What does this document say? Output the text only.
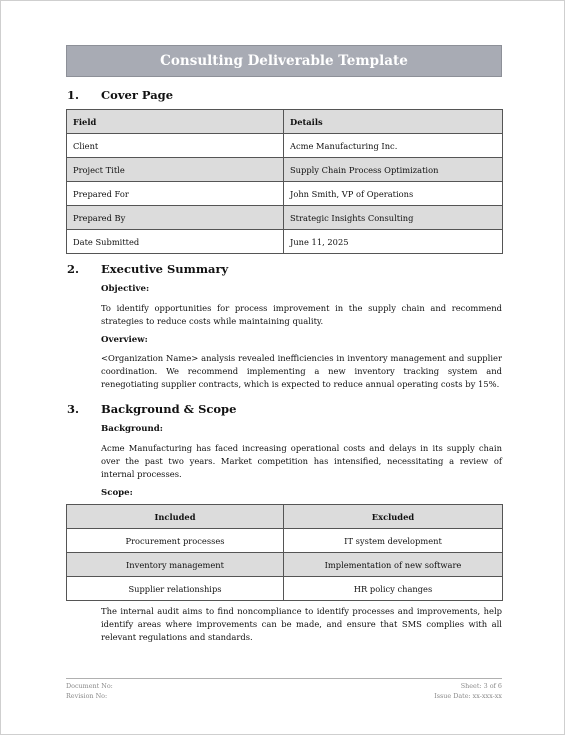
Consulting Deliverable Template
1.	Cover Page
Field	Details
Client	Acme Manufacturing Inc.
Project Title	Supply Chain Process Optimization
Prepared For	John Smith, VP of Operations
Prepared By	Strategic Insights Consulting
Date Submitted	June 11, 2025
2.	Executive Summary
Objective:

To identify opportunities for process improvement in the supply chain and recommend strategies to reduce costs while maintaining quality.

Overview:

<Organization Name> analysis revealed inefficiencies in inventory management and supplier coordination. We recommend implementing a new inventory tracking system and renegotiating supplier contracts, which is expected to reduce annual operating costs by 15%.

3.	Background & Scope
Background:

Acme Manufacturing has faced increasing operational costs and delays in its supply chain over the past two years. Market competition has intensified, necessitating a review of internal processes.

Scope:
Included	Excluded
Procurement processes	IT system development
Inventory management	Implementation of new software
Supplier relationships	HR policy changes

The internal audit aims to find noncompliance to identify processes and improvements, help identify areas where improvements can be made, and ensure that SMS complies with all relevant regulations and standards.

Document No:
Revision No:
Sheet: 3 of 6
Issue Date: xx-xxx-xx
